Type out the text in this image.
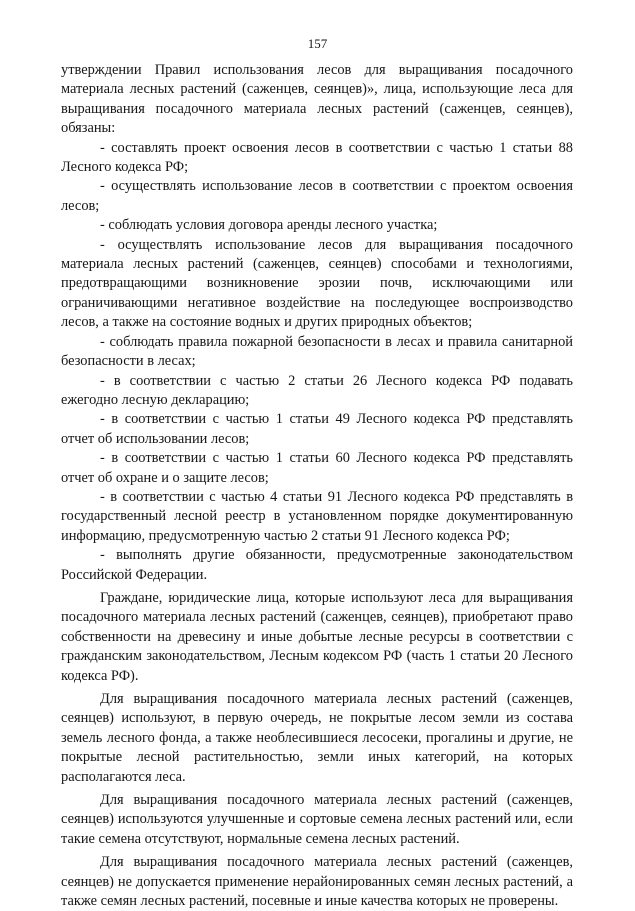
157

утверждении Правил использования лесов для выращивания посадочного материала лесных растений (саженцев, сеянцев)», лица, использующие леса для выращивания посадочного материала лесных растений (саженцев, сеянцев), обязаны:

- составлять проект освоения лесов в соответствии с частью 1 статьи 88 Лесного кодекса РФ;

- осуществлять использование лесов в соответствии с проектом освоения лесов;

- соблюдать условия договора аренды лесного участка;

- осуществлять использование лесов для выращивания посадочного материала лесных растений (саженцев, сеянцев) способами и технологиями, предотвращающими возникновение эрозии почв, исключающими или ограничивающими негативное воздействие на последующее воспроизводство лесов, а также на состояние водных и других природных объектов;

- соблюдать правила пожарной безопасности в лесах и правила санитарной безопасности в лесах;

- в соответствии с частью 2 статьи 26 Лесного кодекса РФ подавать ежегодно лесную декларацию;

- в соответствии с частью 1 статьи 49 Лесного кодекса РФ представлять отчет об использовании лесов;

- в соответствии с частью 1 статьи 60 Лесного кодекса РФ представлять отчет об охране и о защите лесов;

- в соответствии с частью 4 статьи 91 Лесного кодекса РФ представлять в государственный лесной реестр в установленном порядке документированную информацию, предусмотренную частью 2 статьи 91 Лесного кодекса РФ;

- выполнять другие обязанности, предусмотренные законодательством Российской Федерации.

Граждане, юридические лица, которые используют леса для выращивания посадочного материала лесных растений (саженцев, сеянцев), приобретают право собственности на древесину и иные добытые лесные ресурсы в соответствии с гражданским законодательством, Лесным кодексом РФ (часть 1 статьи 20 Лесного кодекса РФ).

Для выращивания посадочного материала лесных растений (саженцев, сеянцев) используют, в первую очередь, не покрытые лесом земли из состава земель лесного фонда, а также необлесившиеся лесосеки, прогалины и другие, не покрытые лесной растительностью, земли иных категорий, на которых располагаются леса.

Для выращивания посадочного материала лесных растений (саженцев, сеянцев) используются улучшенные и сортовые семена лесных растений или, если такие семена отсутствуют, нормальные семена лесных растений.

Для выращивания посадочного материала лесных растений (саженцев, сеянцев) не допускается применение нерайонированных семян лесных растений, а также семян лесных растений, посевные и иные качества которых не проверены.
